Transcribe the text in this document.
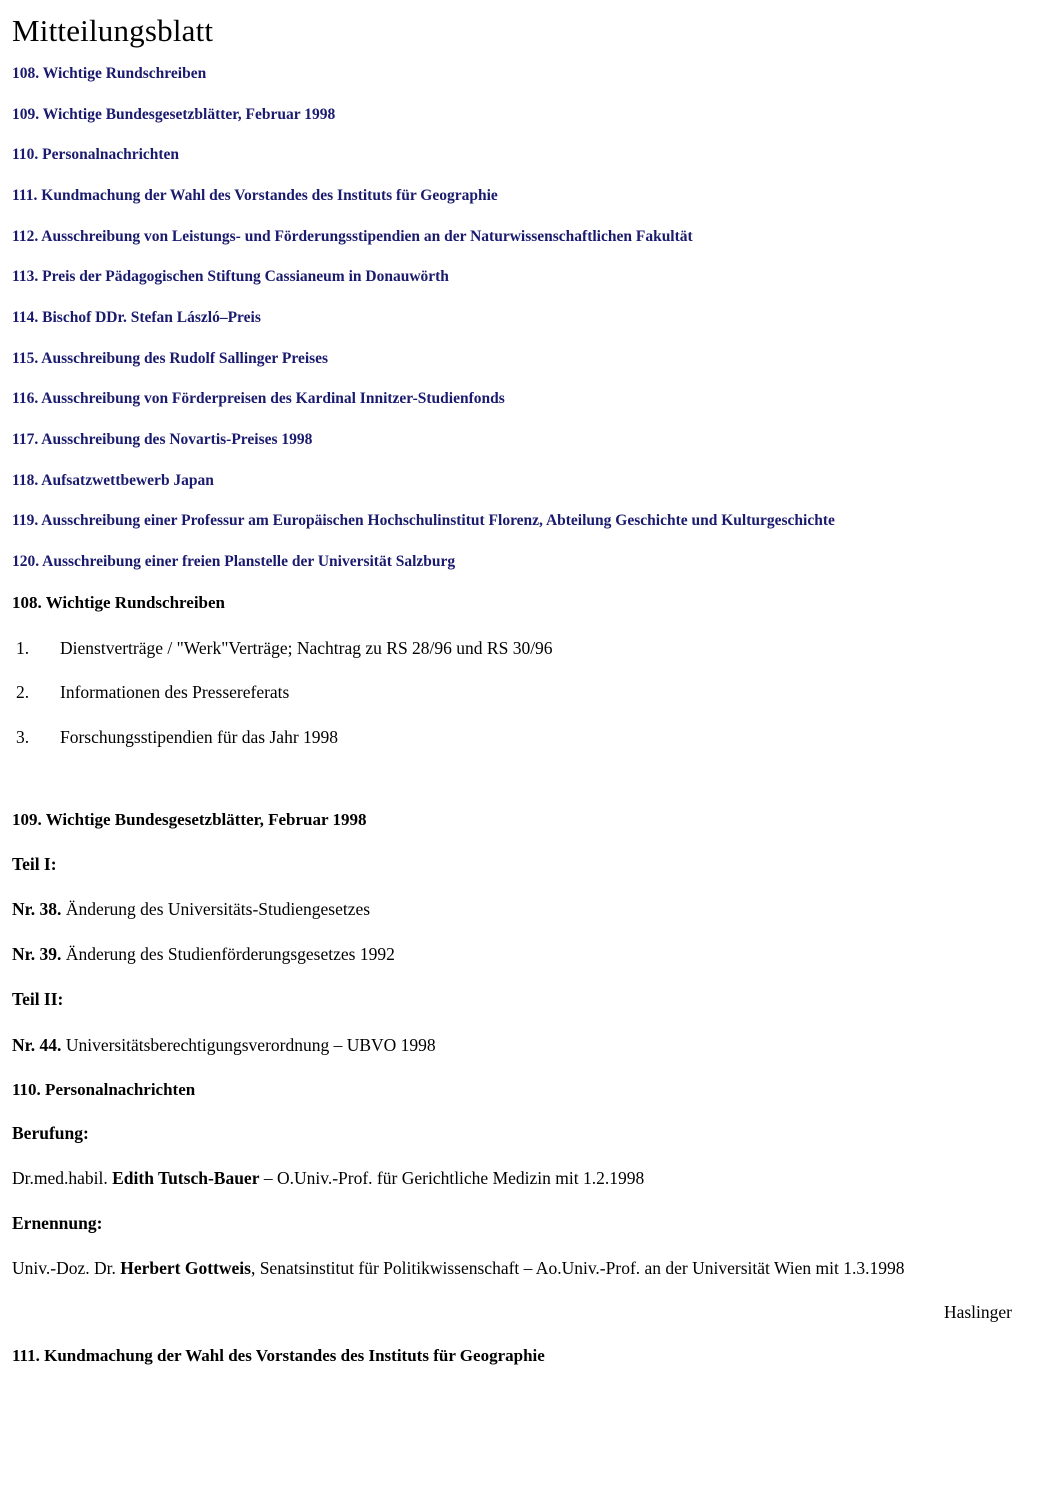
Mitteilungsblatt
108. Wichtige Rundschreiben
109. Wichtige Bundesgesetzblätter, Februar 1998
110. Personalnachrichten
111. Kundmachung der Wahl des Vorstandes des Instituts für Geographie
112. Ausschreibung von Leistungs- und Förderungsstipendien an der Naturwissenschaftlichen Fakultät
113. Preis der Pädagogischen Stiftung Cassianeum in Donauwörth
114. Bischof DDr. Stefan László–Preis
115. Ausschreibung des Rudolf Sallinger Preises
116. Ausschreibung von Förderpreisen des Kardinal Innitzer-Studienfonds
117. Ausschreibung des Novartis-Preises 1998
118. Aufsatzwettbewerb Japan
119. Ausschreibung einer Professur am Europäischen Hochschulinstitut Florenz, Abteilung Geschichte und Kulturgeschichte
120. Ausschreibung einer freien Planstelle der Universität Salzburg
108. Wichtige Rundschreiben
1. Dienstverträge / "Werk"Verträge; Nachtrag zu RS 28/96 und RS 30/96
2. Informationen des Pressereferats
3. Forschungsstipendien für das Jahr 1998
109. Wichtige Bundesgesetzblätter, Februar 1998

Teil I:

Nr. 38. Änderung des Universitäts-Studiengesetzes

Nr. 39. Änderung des Studienförderungsgesetzes 1992

Teil II:

Nr. 44. Universitätsberechtigungsverordnung – UBVO 1998

110. Personalnachrichten

Berufung:

Dr.med.habil. Edith Tutsch-Bauer – O.Univ.-Prof. für Gerichtliche Medizin mit 1.2.1998

Ernennung:

Univ.-Doz. Dr. Herbert Gottweis, Senatsinstitut für Politikwissenschaft – Ao.Univ.-Prof. an der Universität Wien mit 1.3.1998

Haslinger

111. Kundmachung der Wahl des Vorstandes des Instituts für Geographie
